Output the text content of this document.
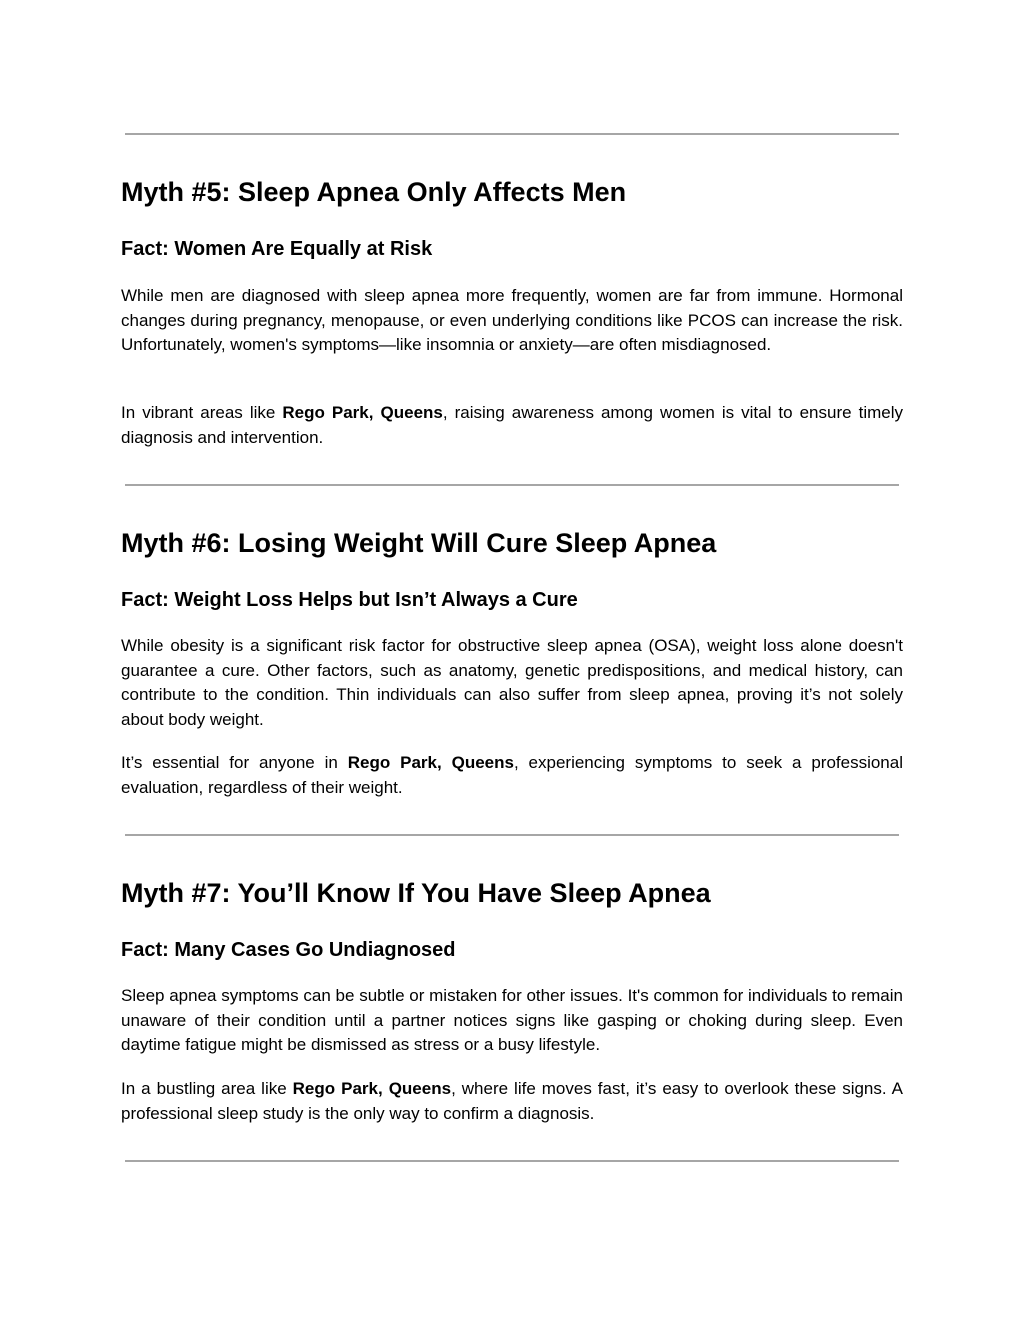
Myth #5: Sleep Apnea Only Affects Men
Fact: Women Are Equally at Risk

While men are diagnosed with sleep apnea more frequently, women are far from immune. Hormonal changes during pregnancy, menopause, or even underlying conditions like PCOS can increase the risk. Unfortunately, women's symptoms—like insomnia or anxiety—are often misdiagnosed.

In vibrant areas like Rego Park, Queens, raising awareness among women is vital to ensure timely diagnosis and intervention.

Myth #6: Losing Weight Will Cure Sleep Apnea
Fact: Weight Loss Helps but Isn’t Always a Cure

While obesity is a significant risk factor for obstructive sleep apnea (OSA), weight loss alone doesn't guarantee a cure. Other factors, such as anatomy, genetic predispositions, and medical history, can contribute to the condition. Thin individuals can also suffer from sleep apnea, proving it’s not solely about body weight.

It’s essential for anyone in Rego Park, Queens, experiencing symptoms to seek a professional evaluation, regardless of their weight.

Myth #7: You’ll Know If You Have Sleep Apnea
Fact: Many Cases Go Undiagnosed

Sleep apnea symptoms can be subtle or mistaken for other issues. It's common for individuals to remain unaware of their condition until a partner notices signs like gasping or choking during sleep. Even daytime fatigue might be dismissed as stress or a busy lifestyle.

In a bustling area like Rego Park, Queens, where life moves fast, it’s easy to overlook these signs. A professional sleep study is the only way to confirm a diagnosis.
